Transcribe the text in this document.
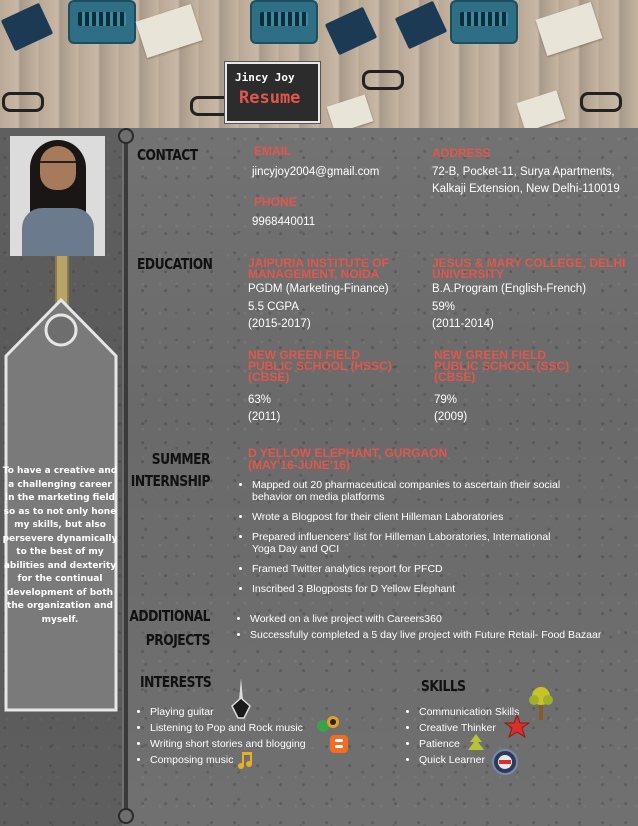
Jincy Joy
Resume
To have a creative and a challenging career in the marketing field so as to not only hone my skills, but also persevere dynamically to the best of my abilities and dexterity for the continual development of both the organization and myself.
CONTACT	EMAIL
jincyjoy2004@gmail.com
PHONE
9968440011
ADDRESS
72-B, Pocket-11, Surya Apartments,
Kalkaji Extension, New Delhi-110019
EDUCATION	JAIPURIA INSTITUTE OF MANAGEMENT, NOIDA
PGDM (Marketing-Finance)
5.5 CGPA
(2015-2017)
JESUS & MARY COLLEGE, DELHI UNIVERSITY
B.A.Program (English-French)
59%
(2011-2014)
NEW GREEN FIELD PUBLIC SCHOOL (HSSC) (CBSE)
63%
(2011)
NEW GREEN FIELD PUBLIC SCHOOL (SSC) (CBSE)
79%
(2009)
SUMMER
INTERNSHIP
D YELLOW ELEPHANT, GURGAON
(MAY'16-JUNE'16)
• Mapped out 20 pharmaceutical companies to ascertain their social behavior on media platforms
• Wrote a Blogpost for their client Hilleman Laboratories
• Prepared influencers' list for Hilleman Laboratories, International Yoga Day and QCI
• Framed Twitter analytics report for PFCD
• Inscribed 3 Blogposts for D Yellow Elephant
ADDITIONAL
PROJECTS
• Worked on a live project with Careers360
• Successfully completed a 5 day live project with Future Retail- Food Bazaar
INTERESTS
• Playing guitar
• Listening to Pop and Rock music
• Writing short stories and blogging
• Composing music
SKILLS
• Communication Skills
• Creative Thinker
• Patience
• Quick Learner
